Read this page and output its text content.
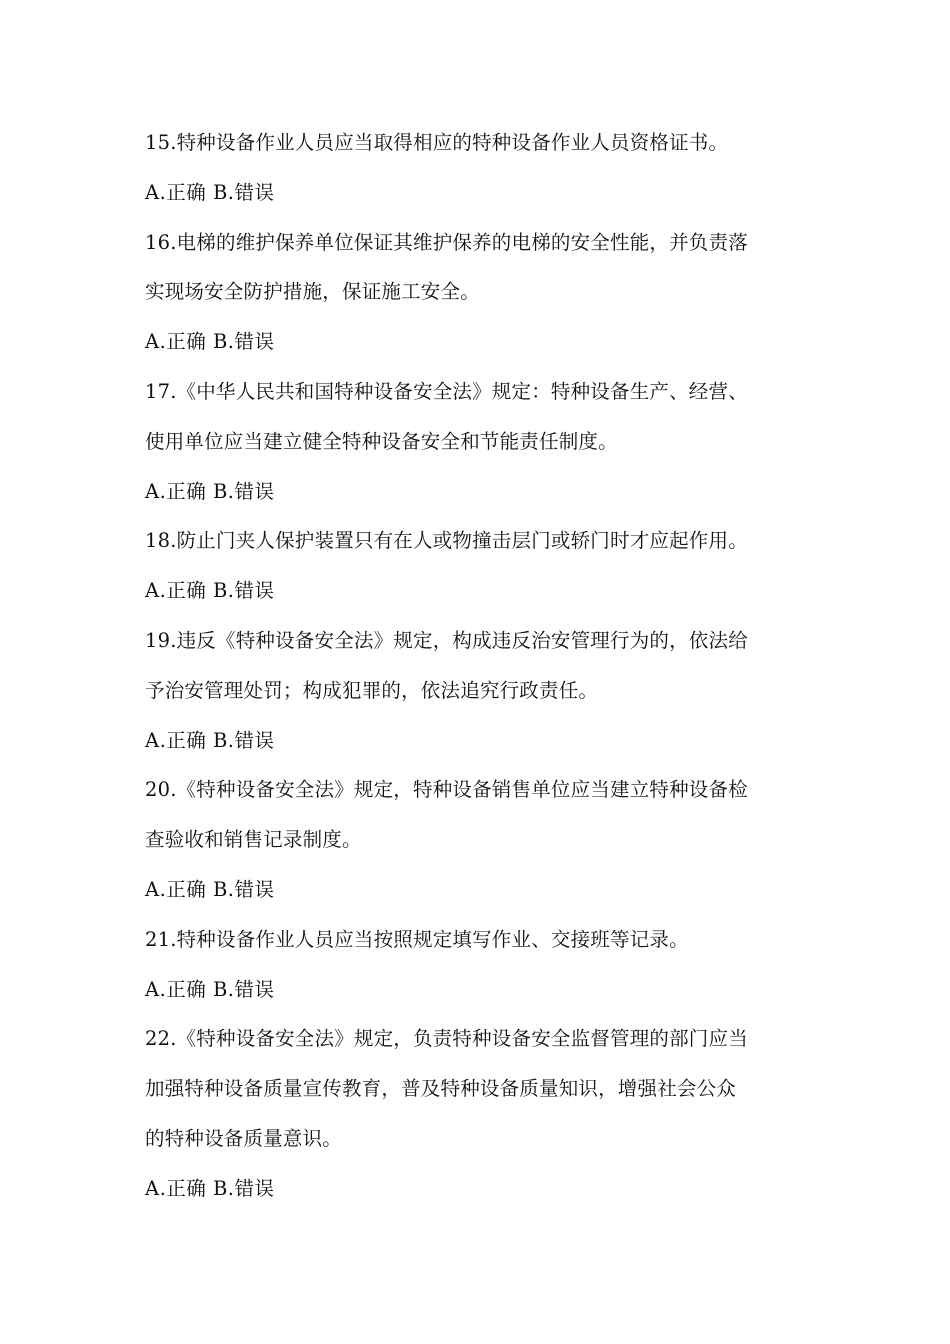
15.特种设备作业人员应当取得相应的特种设备作业人员资格证书。
A.正确 B.错误
16.电梯的维护保养单位保证其维护保养的电梯的安全性能，并负责落
实现场安全防护措施，保证施工安全。
A.正确 B.错误
17.《中华人民共和国特种设备安全法》规定：特种设备生产、经营、
使用单位应当建立健全特种设备安全和节能责任制度。
A.正确 B.错误
18.防止门夹人保护装置只有在人或物撞击层门或轿门时才应起作用。
A.正确 B.错误
19.违反《特种设备安全法》规定，构成违反治安管理行为的，依法给
予治安管理处罚；构成犯罪的，依法追究行政责任。
A.正确 B.错误
20.《特种设备安全法》规定，特种设备销售单位应当建立特种设备检
查验收和销售记录制度。
A.正确 B.错误
21.特种设备作业人员应当按照规定填写作业、交接班等记录。
A.正确 B.错误
22.《特种设备安全法》规定，负责特种设备安全监督管理的部门应当
加强特种设备质量宣传教育，普及特种设备质量知识，增强社会公众
的特种设备质量意识。
A.正确 B.错误
